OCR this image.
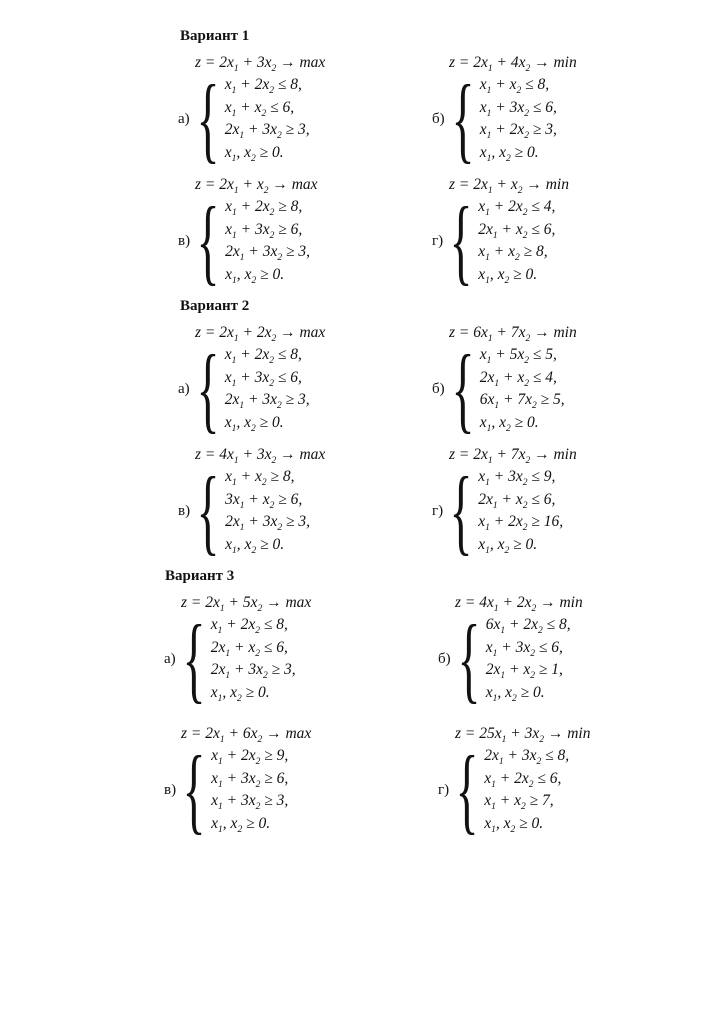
Вариант 1
$z = 2x_1 + 3x_2 \to \max$
а) { $x_1 + 2x_2 \le 8$,
$x_1 + x_2 \le 6$,
$2x_1 + 3x_2 \ge 3$,
$x_1$, $x_2 \ge 0$.
$z = 2x_1 + 4x_2 \to \min$
б) { $x_1 + x_2 \le 8$,
$x_1 + 3x_2 \le 6$,
$x_1 + 2x_2 \ge 3$,
$x_1$, $x_2 \ge 0$.
$z = 2x_1 + x_2 \to \max$
в) { $x_1 + 2x_2 \ge 8$,
$x_1 + 3x_2 \ge 6$,
$2x_1 + 3x_2 \ge 3$,
$x_1$, $x_2 \ge 0$.
$z = 2x_1 + x_2 \to \min$
г) { $x_1 + 2x_2 \le 4$,
$2x_1 + x_2 \le 6$,
$x_1 + x_2 \ge 8$,
$x_1$, $x_2 \ge 0$.
Вариант 2
$z = 2x_1 + 2x_2 \to \max$
а) { $x_1 + 2x_2 \le 8$,
$x_1 + 3x_2 \le 6$,
$2x_1 + 3x_2 \ge 3$,
$x_1$, $x_2 \ge 0$.
$z = 6x_1 + 7x_2 \to \min$
б) { $x_1 + 5x_2 \le 5$,
$2x_1 + x_2 \le 4$,
$6x_1 + 7x_2 \ge 5$,
$x_1$, $x_2 \ge 0$.
$z = 4x_1 + 3x_2 \to \max$
в) { $x_1 + x_2 \ge 8$,
$3x_1 + x_2 \ge 6$,
$2x_1 + 3x_2 \ge 3$,
$x_1$, $x_2 \ge 0$.
$z = 2x_1 + 7x_2 \to \min$
г) { $x_1 + 3x_2 \le 9$,
$2x_1 + x_2 \le 6$,
$x_1 + 2x_2 \ge 16$,
$x_1$, $x_2 \ge 0$.
Вариант 3
$z = 2x_1 + 5x_2 \to \max$
а) { $x_1 + 2x_2 \le 8$,
$2x_1 + x_2 \le 6$,
$2x_1 + 3x_2 \ge 3$,
$x_1$, $x_2 \ge 0$.
$z = 4x_1 + 2x_2 \to \min$
б) { $6x_1 + 2x_2 \le 8$,
$x_1 + 3x_2 \le 6$,
$2x_1 + x_2 \ge 1$,
$x_1$, $x_2 \ge 0$.
$z = 2x_1 + 6x_2 \to \max$
в) { $x_1 + 2x_2 \ge 9$,
$x_1 + 3x_2 \ge 6$,
$x_1 + 3x_2 \ge 3$,
$x_1$, $x_2 \ge 0$.
$z = 25x_1 + 3x_2 \to \min$
г) { $2x_1 + 3x_2 \le 8$,
$x_1 + 2x_2 \le 6$,
$x_1 + x_2 \ge 7$,
$x_1$, $x_2 \ge 0$.
